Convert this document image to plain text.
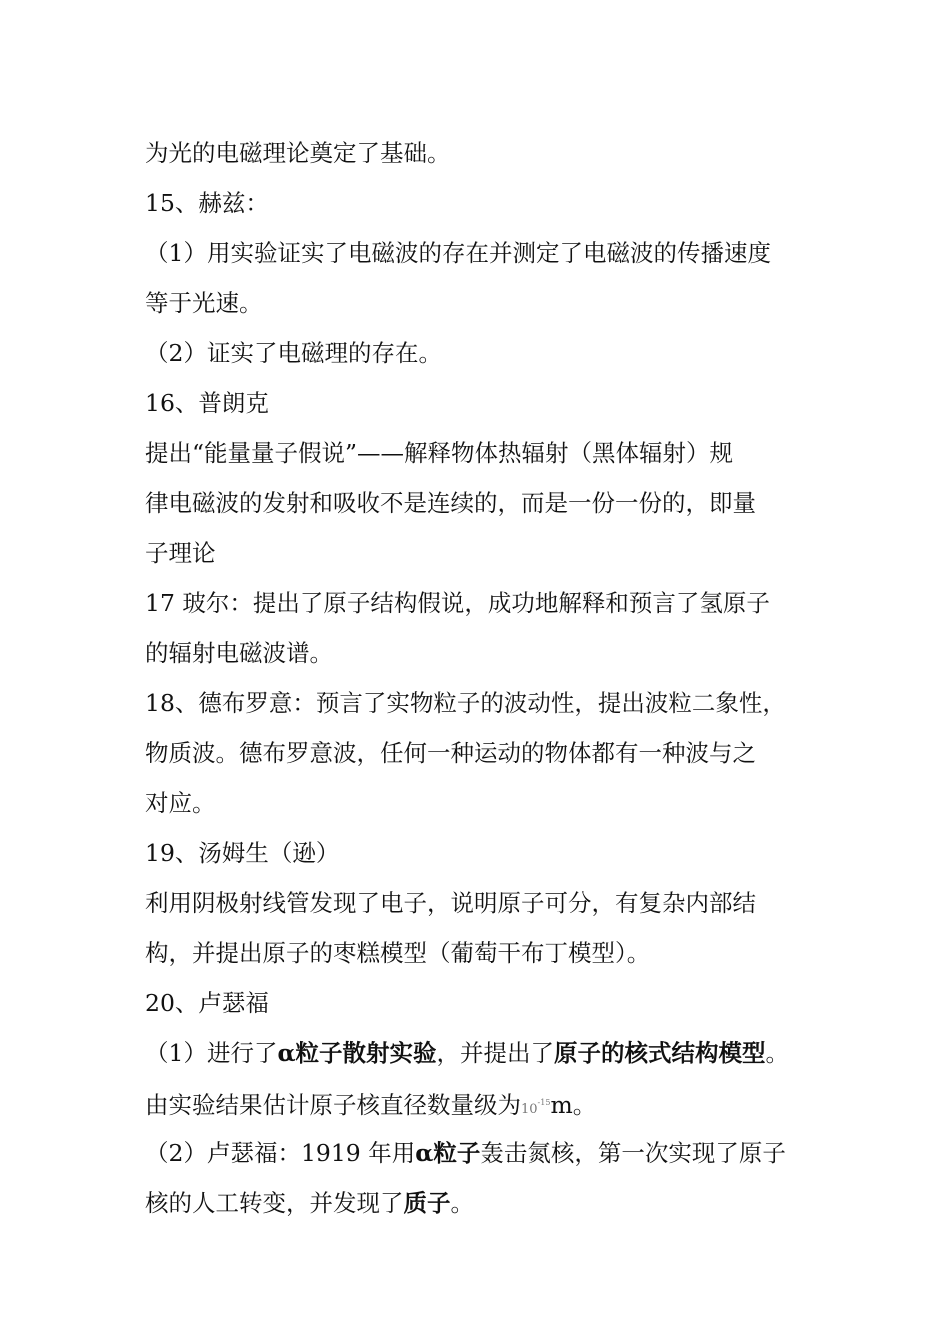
为光的电磁理论奠定了基础。
15、赫兹：
（1）用实验证实了电磁波的存在并测定了电磁波的传播速度
等于光速。
（2）证实了电磁理的存在。
16、普朗克
提出“能量量子假说”——解释物体热辐射（黑体辐射）规
律电磁波的发射和吸收不是连续的，而是一份一份的，即量
子理论
17 玻尔：提出了原子结构假说，成功地解释和预言了氢原子
的辐射电磁波谱。
18、德布罗意：预言了实物粒子的波动性，提出波粒二象性，
物质波。德布罗意波，任何一种运动的物体都有一种波与之
对应。
19、汤姆生（逊）
利用阴极射线管发现了电子，说明原子可分，有复杂内部结
构，并提出原子的枣糕模型（葡萄干布丁模型）。
20、卢瑟福
（1）进行了α粒子散射实验，并提出了原子的核式结构模型。
由实验结果估计原子核直径数量级为$10^{-15}m$。
（2）卢瑟福：1919 年用α粒子轰击氮核，第一次实现了原子
核的人工转变，并发现了质子。
